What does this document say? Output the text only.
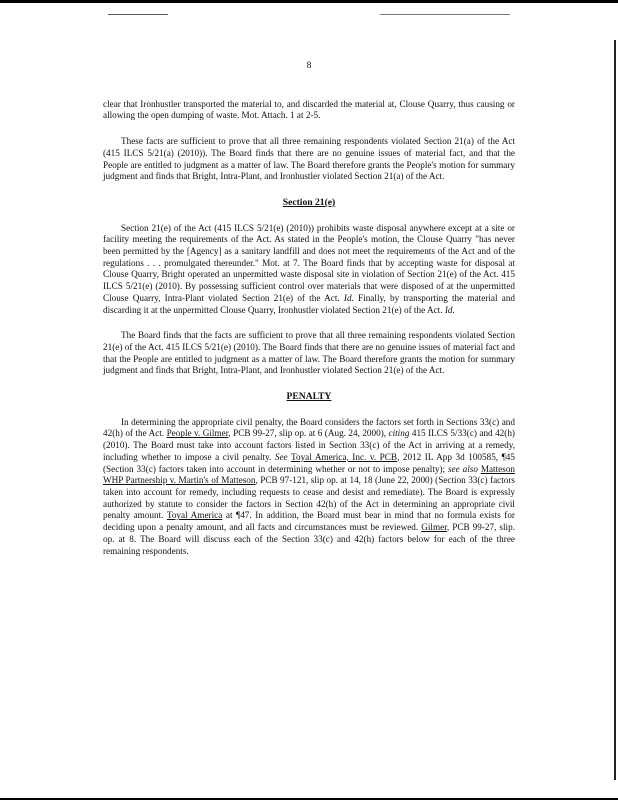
8

clear that Ironhustler transported the material to, and discarded the material at, Clouse Quarry, thus causing or allowing the open dumping of waste. Mot. Attach. 1 at 2-5.

These facts are sufficient to prove that all three remaining respondents violated Section 21(a) of the Act (415 ILCS 5/21(a) (2010)). The Board finds that there are no genuine issues of material fact, and that the People are entitled to judgment as a matter of law. The Board therefore grants the People's motion for summary judgment and finds that Bright, Intra-Plant, and Ironhustler violated Section 21(a) of the Act.

Section 21(e)

Section 21(e) of the Act (415 ILCS 5/21(e) (2010)) prohibits waste disposal anywhere except at a site or facility meeting the requirements of the Act. As stated in the People's motion, the Clouse Quarry "has never been permitted by the [Agency] as a sanitary landfill and does not meet the requirements of the Act and of the regulations . . . promulgated thereunder." Mot. at 7. The Board finds that by accepting waste for disposal at Clouse Quarry, Bright operated an unpermitted waste disposal site in violation of Section 21(e) of the Act. 415 ILCS 5/21(e) (2010). By possessing sufficient control over materials that were disposed of at the unpermitted Clouse Quarry, Intra-Plant violated Section 21(e) of the Act. Id. Finally, by transporting the material and discarding it at the unpermitted Clouse Quarry, Ironhustler violated Section 21(e) of the Act. Id.

The Board finds that the facts are sufficient to prove that all three remaining respondents violated Section 21(e) of the Act. 415 ILCS 5/21(e) (2010). The Board finds that there are no genuine issues of material fact and that the People are entitled to judgment as a matter of law. The Board therefore grants the motion for summary judgment and finds that Bright, Intra-Plant, and Ironhustler violated Section 21(e) of the Act.

PENALTY

In determining the appropriate civil penalty, the Board considers the factors set forth in Sections 33(c) and 42(h) of the Act. People v. Gilmer, PCB 99-27, slip op. at 6 (Aug. 24, 2000), citing 415 ILCS 5/33(c) and 42(h) (2010). The Board must take into account factors listed in Section 33(c) of the Act in arriving at a remedy, including whether to impose a civil penalty. See Toyal America, Inc. v. PCB, 2012 IL App 3d 100585, ¶45 (Section 33(c) factors taken into account in determining whether or not to impose penalty); see also Matteson WHP Partnership v. Martin's of Matteson, PCB 97-121, slip op. at 14, 18 (June 22, 2000) (Section 33(c) factors taken into account for remedy, including requests to cease and desist and remediate). The Board is expressly authorized by statute to consider the factors in Section 42(h) of the Act in determining an appropriate civil penalty amount. Toyal America at ¶47. In addition, the Board must bear in mind that no formula exists for deciding upon a penalty amount, and all facts and circumstances must be reviewed. Gilmer, PCB 99-27, slip. op. at 8. The Board will discuss each of the Section 33(c) and 42(h) factors below for each of the three remaining respondents.
